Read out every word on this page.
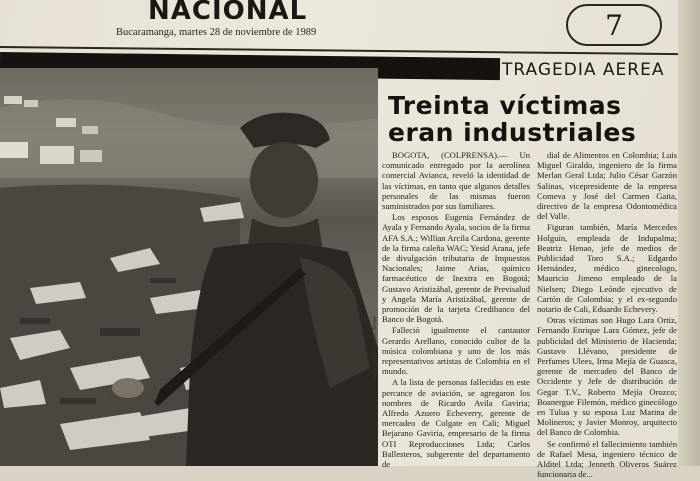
NACIONAL
Bucaramanga, martes 28 de noviembre de 1989	7
TRAGEDIA AEREA
Colprensa/Gustavo Torres
Treinta víctimas
eran industriales

BOGOTA, (COLPRENSA).— Un comunicado entregado por la aerolínea comercial Avianca, reveló la identidad de las víctimas, en tanto que algunos detalles personales de las mismas fueron suministrados por sus familiares.

Los esposos Eugenia Fernández de Ayala y Fernando Ayala, socios de la firma AFA S.A.; Willian Arcila Cardona, gerente de la firma caleña WAC; Yesid Arana, jefe de divulgación tributaria de Impuestos Nacionales; Jaime Arias, químico farmacéutico de Inextra en Bogotá; Gustavo Aristizábal, gerente de Previsalud y Angela María Aristizábal, gerente de promoción de la tarjeta Credibanco del Banco de Bogotá.

Falleció igualmente el cantautor Gerardo Arellano, conocido cultor de la música colombiana y uno de los más representativos artistas de Colombia en el mundo.

A la lista de personas fallecidas en este percance de aviación, se agregaron los nombres de Ricardo Avila Gaviria; Alfredo Azuero Echeverry, gerente de mercadeo de Colgate en Cali; Miguel Bejarano Gaviria, empresario de la firma OTI Reproducciones Ltda; Carlos Ballesteros, subgerente del departamento de

dial de Alimentos en Colombia; Luis Miguel Giraldo, ingeniero de la firma Merlan Geral Ltda; Julio César Garzón Salinas, vicepresidente de la empresa Comeva y José del Carmen Gaita, directivo de la empresa Odontomédica del Valle.

Figuran también, María Mercedes Holguín, empleada de Indupalma; Beatriz Henao, jefe de medios de Publicidad Toro S.A.; Edgardo Hernández, médico ginecologo, Mauricio Jimeno empleado de la Nielsen; Diego Leónde ejecutivo de Cartón de Colombia; y el ex-segundo notario de Cali, Eduardo Echevery.

Otras víctimas son Hugo Lara Ortiz, Fernando Enrique Lara Gómez, jefe de publicidad del Ministerio de Hacienda; Gustavo Llévano, presidente de Perfumes Ulees, Irma Mejía de Guasca, gerente de mercadeo del Banco de Occidente y Jefe de distribución de Gegar T.V., Roberto Mejía Orozco; Boanergue Filemón, médico ginecólogo en Tulua y su esposa Luz Marina de Molineros; y Javier Monroy, arquitecto del Banco de Colombia.

Se confirmó el fallecimiento también de Rafael Mesa, ingeniero técnico de Alditel Ltda; Jenneth Oliveros Suárez funcionaria de...
